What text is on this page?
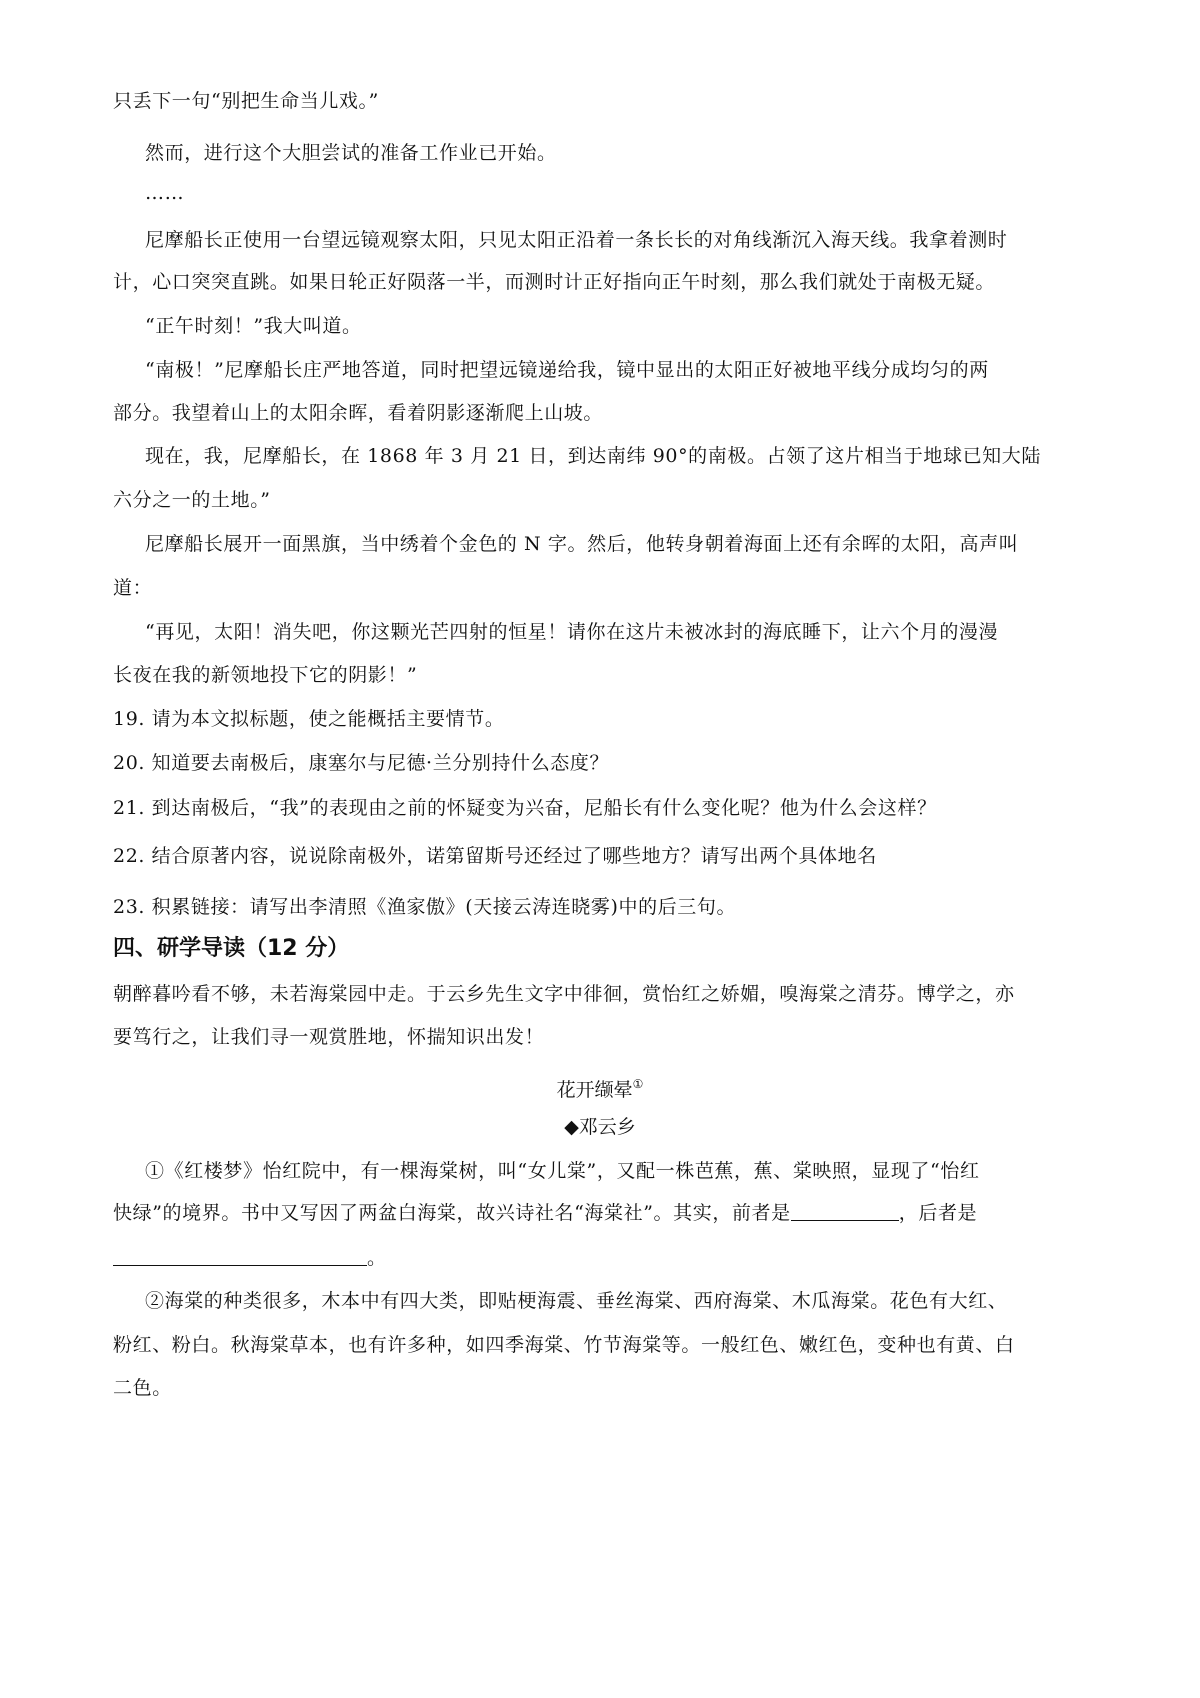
只丢下一句“别把生命当儿戏。”
然而，进行这个大胆尝试的准备工作业已开始。
……
尼摩船长正使用一台望远镜观察太阳，只见太阳正沿着一条长长的对角线渐沉入海天线。我拿着测时
计，心口突突直跳。如果日轮正好陨落一半，而测时计正好指向正午时刻，那么我们就处于南极无疑。
“正午时刻！”我大叫道。
“南极！”尼摩船长庄严地答道，同时把望远镜递给我，镜中显出的太阳正好被地平线分成均匀的两
部分。我望着山上的太阳余晖，看着阴影逐渐爬上山坡。
现在，我，尼摩船长，在 1868 年 3 月 21 日，到达南纬 90°的南极。占领了这片相当于地球已知大陆
六分之一的土地。”
尼摩船长展开一面黑旗，当中绣着个金色的 N 字。然后，他转身朝着海面上还有余晖的太阳，高声叫
道：
“再见，太阳！消失吧，你这颗光芒四射的恒星！请你在这片未被冰封的海底睡下，让六个月的漫漫
长夜在我的新领地投下它的阴影！”
19. 请为本文拟标题，使之能概括主要情节。
20. 知道要去南极后，康塞尔与尼德·兰分别持什么态度？
21. 到达南极后，“我”的表现由之前的怀疑变为兴奋，尼船长有什么变化呢？他为什么会这样？
22. 结合原著内容，说说除南极外，诺第留斯号还经过了哪些地方？请写出两个具体地名
23. 积累链接：请写出李清照《渔家傲》(天接云涛连晓雾)中的后三句。
四、研学导读（12 分）
朝醉暮吟看不够，未若海棠园中走。于云乡先生文字中徘徊，赏怡红之娇媚，嗅海棠之清芬。博学之，亦
要笃行之，让我们寻一观赏胜地，怀揣知识出发！
花开缬晕①
◆邓云乡
①《红楼梦》怡红院中，有一棵海棠树，叫“女儿棠”，又配一株芭蕉，蕉、棠映照，显现了“怡红
快绿”的境界。书中又写因了两盆白海棠，故兴诗社名“海棠社”。其实，前者是	，后者是
。
②海棠的种类很多，木本中有四大类，即贴梗海震、垂丝海棠、西府海棠、木瓜海棠。花色有大红、
粉红、粉白。秋海棠草本，也有许多种，如四季海棠、竹节海棠等。一般红色、嫩红色，变种也有黄、白
二色。
